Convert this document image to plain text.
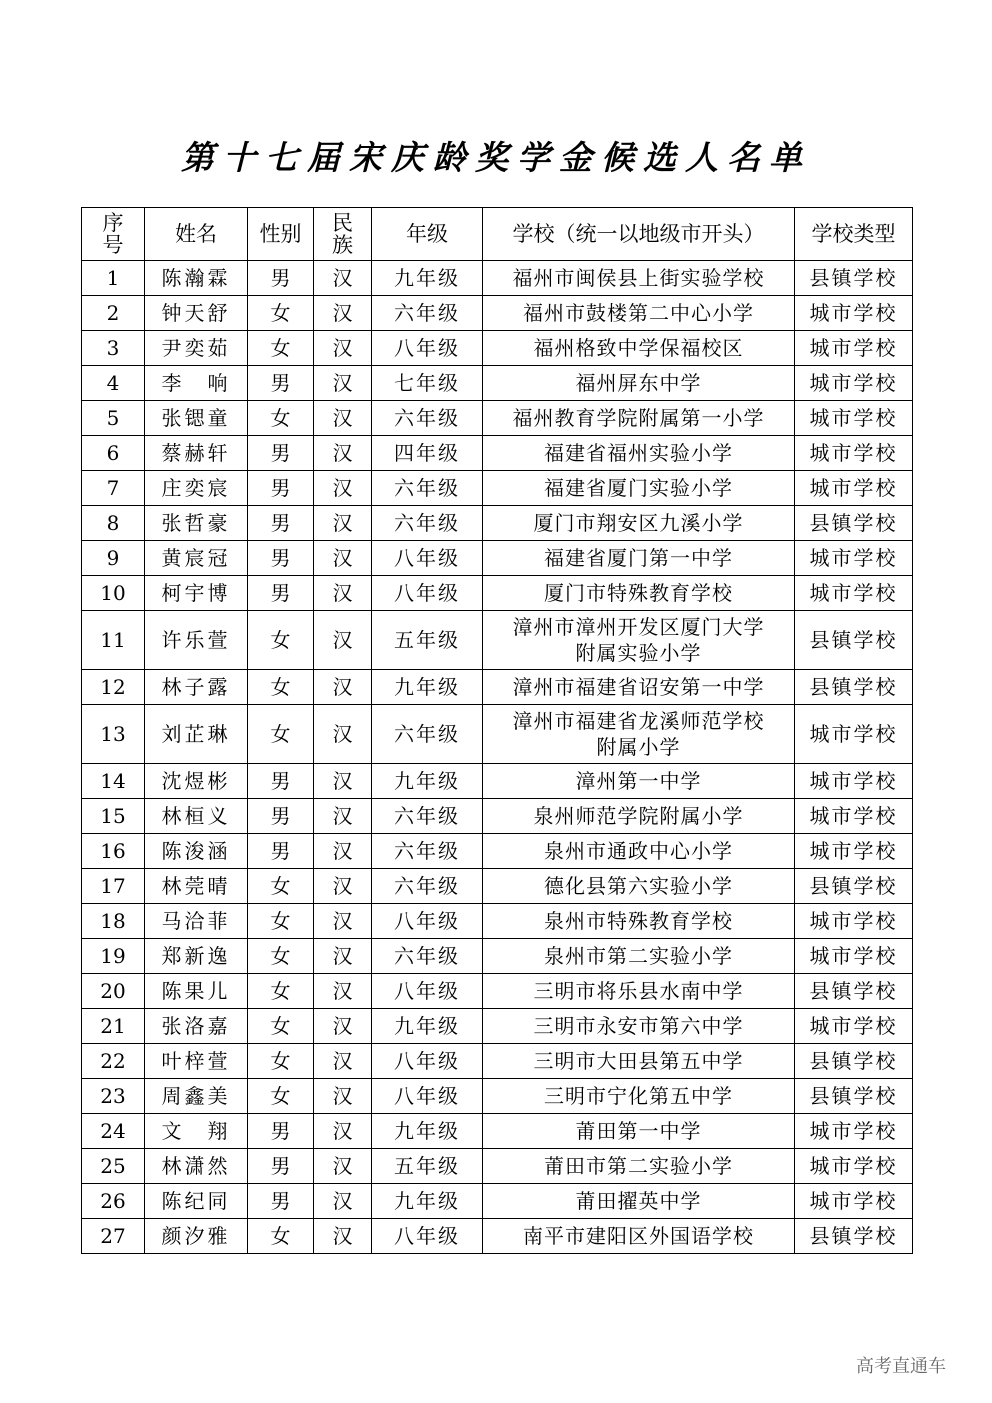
第十七届宋庆龄奖学金候选人名单
序号	姓名	性别	民族	年级	学校（统一以地级市开头）	学校类型
1	陈瀚霖	男	汉	九年级	福州市闽侯县上街实验学校	县镇学校
2	钟天舒	女	汉	六年级	福州市鼓楼第二中心小学	城市学校
3	尹奕茹	女	汉	八年级	福州格致中学保福校区	城市学校
4	李　响	男	汉	七年级	福州屏东中学	城市学校
5	张锶童	女	汉	六年级	福州教育学院附属第一小学	城市学校
6	蔡赫轩	男	汉	四年级	福建省福州实验小学	城市学校
7	庄奕宸	男	汉	六年级	福建省厦门实验小学	城市学校
8	张哲豪	男	汉	六年级	厦门市翔安区九溪小学	县镇学校
9	黄宸冠	男	汉	八年级	福建省厦门第一中学	城市学校
10	柯宇博	男	汉	八年级	厦门市特殊教育学校	城市学校
11	许乐萱	女	汉	五年级	漳州市漳州开发区厦门大学
附属实验小学	县镇学校
12	林子露	女	汉	九年级	漳州市福建省诏安第一中学	县镇学校
13	刘芷琳	女	汉	六年级	漳州市福建省龙溪师范学校
附属小学	城市学校
14	沈煜彬	男	汉	九年级	漳州第一中学	城市学校
15	林桓义	男	汉	六年级	泉州师范学院附属小学	城市学校
16	陈浚涵	男	汉	六年级	泉州市通政中心小学	城市学校
17	林莞晴	女	汉	六年级	德化县第六实验小学	县镇学校
18	马洽菲	女	汉	八年级	泉州市特殊教育学校	城市学校
19	郑新逸	女	汉	六年级	泉州市第二实验小学	城市学校
20	陈果儿	女	汉	八年级	三明市将乐县水南中学	县镇学校
21	张洛嘉	女	汉	九年级	三明市永安市第六中学	城市学校
22	叶梓萱	女	汉	八年级	三明市大田县第五中学	县镇学校
23	周鑫美	女	汉	八年级	三明市宁化第五中学	县镇学校
24	文　翔	男	汉	九年级	莆田第一中学	城市学校
25	林潇然	男	汉	五年级	莆田市第二实验小学	城市学校
26	陈纪同	男	汉	九年级	莆田擢英中学	城市学校
27	颜汐雅	女	汉	八年级	南平市建阳区外国语学校	县镇学校
高考直通车
